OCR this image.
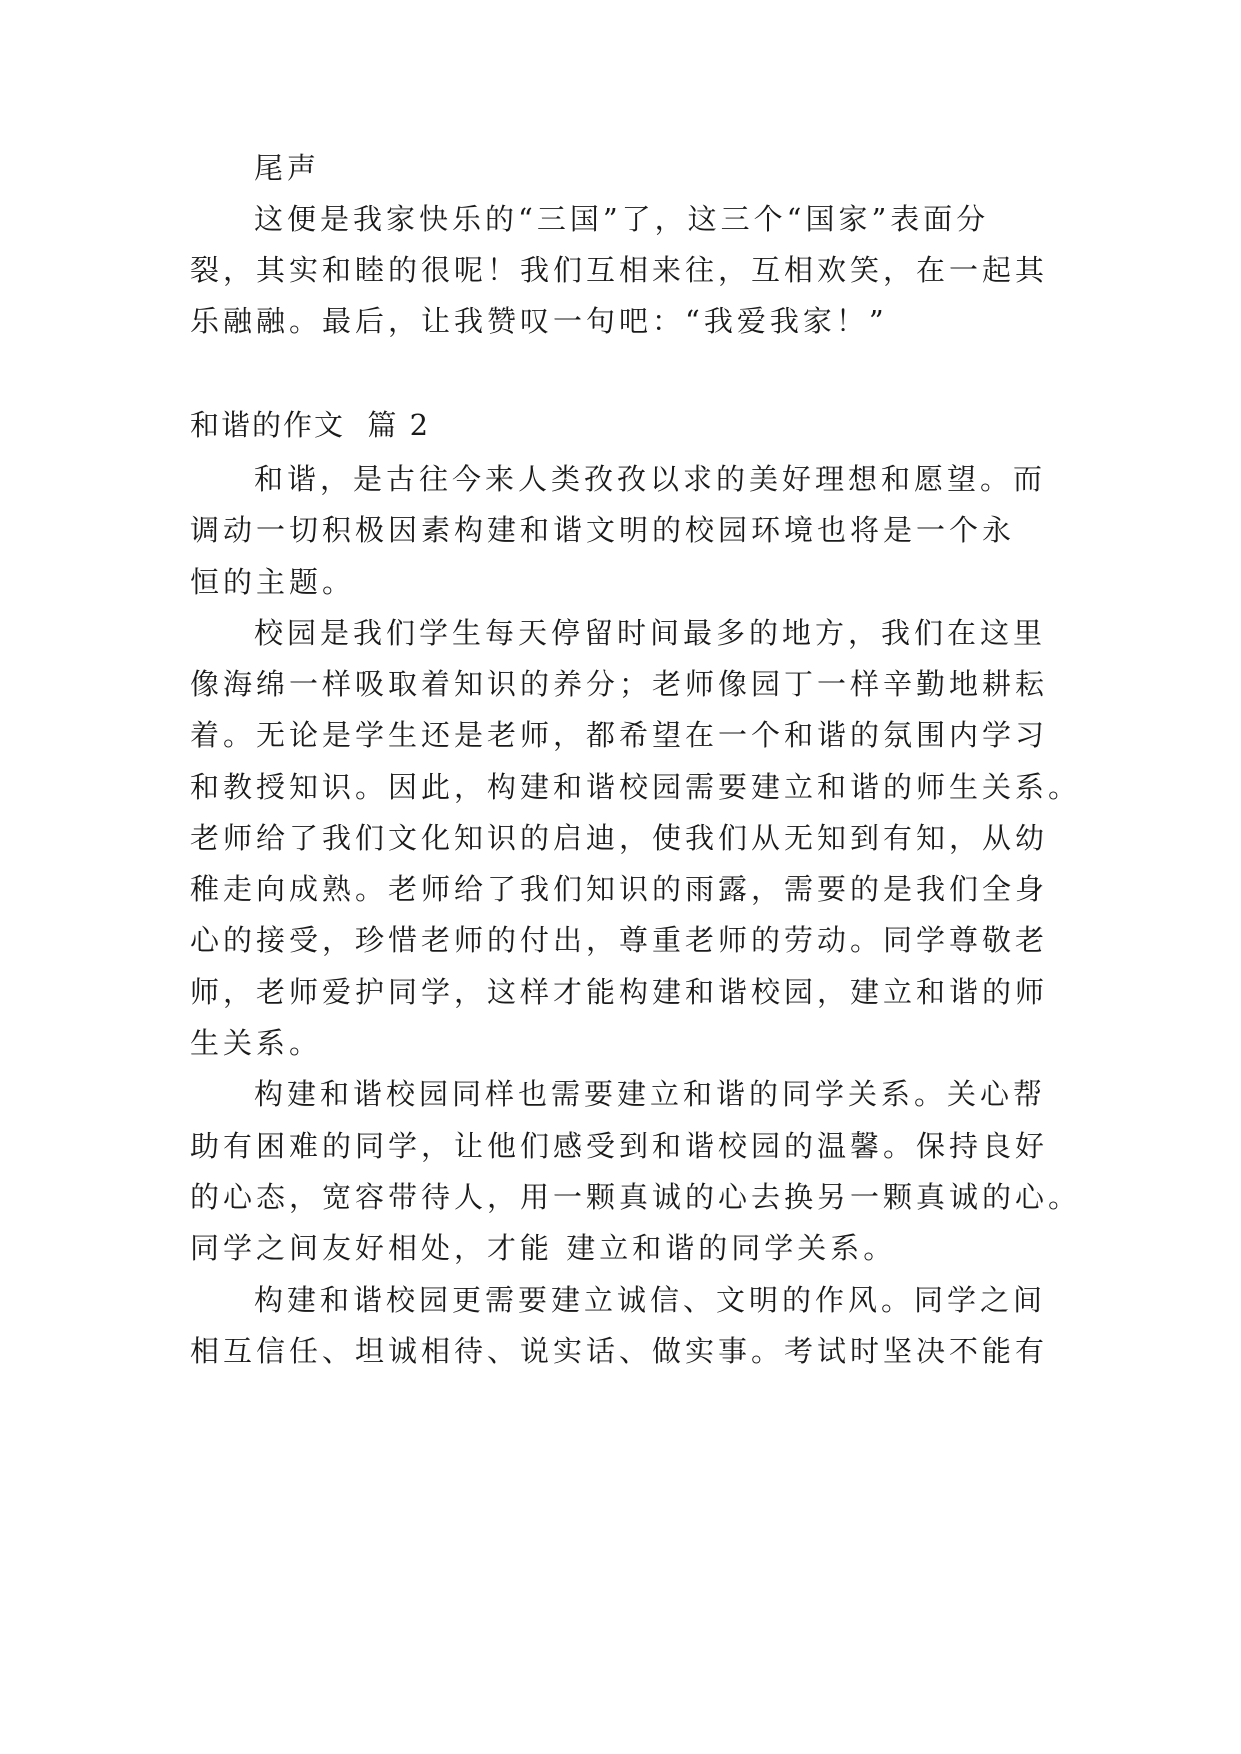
尾声
这便是我家快乐的“三国”了，这三个“国家”表面分
裂，其实和睦的很呢！我们互相来往，互相欢笑，在一起其
乐融融。最后，让我赞叹一句吧：“我爱我家！”
和谐的作文  篇 2
和谐，是古往今来人类孜孜以求的美好理想和愿望。而
调动一切积极因素构建和谐文明的校园环境也将是一个永
恒的主题。
校园是我们学生每天停留时间最多的地方，我们在这里
像海绵一样吸取着知识的养分；老师像园丁一样辛勤地耕耘
着。无论是学生还是老师，都希望在一个和谐的氛围内学习
和教授知识。因此，构建和谐校园需要建立和谐的师生关系。
老师给了我们文化知识的启迪，使我们从无知到有知，从幼
稚走向成熟。老师给了我们知识的雨露，需要的是我们全身
心的接受，珍惜老师的付出，尊重老师的劳动。同学尊敬老
师，老师爱护同学，这样才能构建和谐校园，建立和谐的师
生关系。
构建和谐校园同样也需要建立和谐的同学关系。关心帮
助有困难的同学，让他们感受到和谐校园的温馨。保持良好
的心态，宽容带待人，用一颗真诚的心去换另一颗真诚的心。
同学之间友好相处，才能 建立和谐的同学关系。
构建和谐校园更需要建立诚信、文明的作风。同学之间
相互信任、坦诚相待、说实话、做实事。考试时坚决不能有
